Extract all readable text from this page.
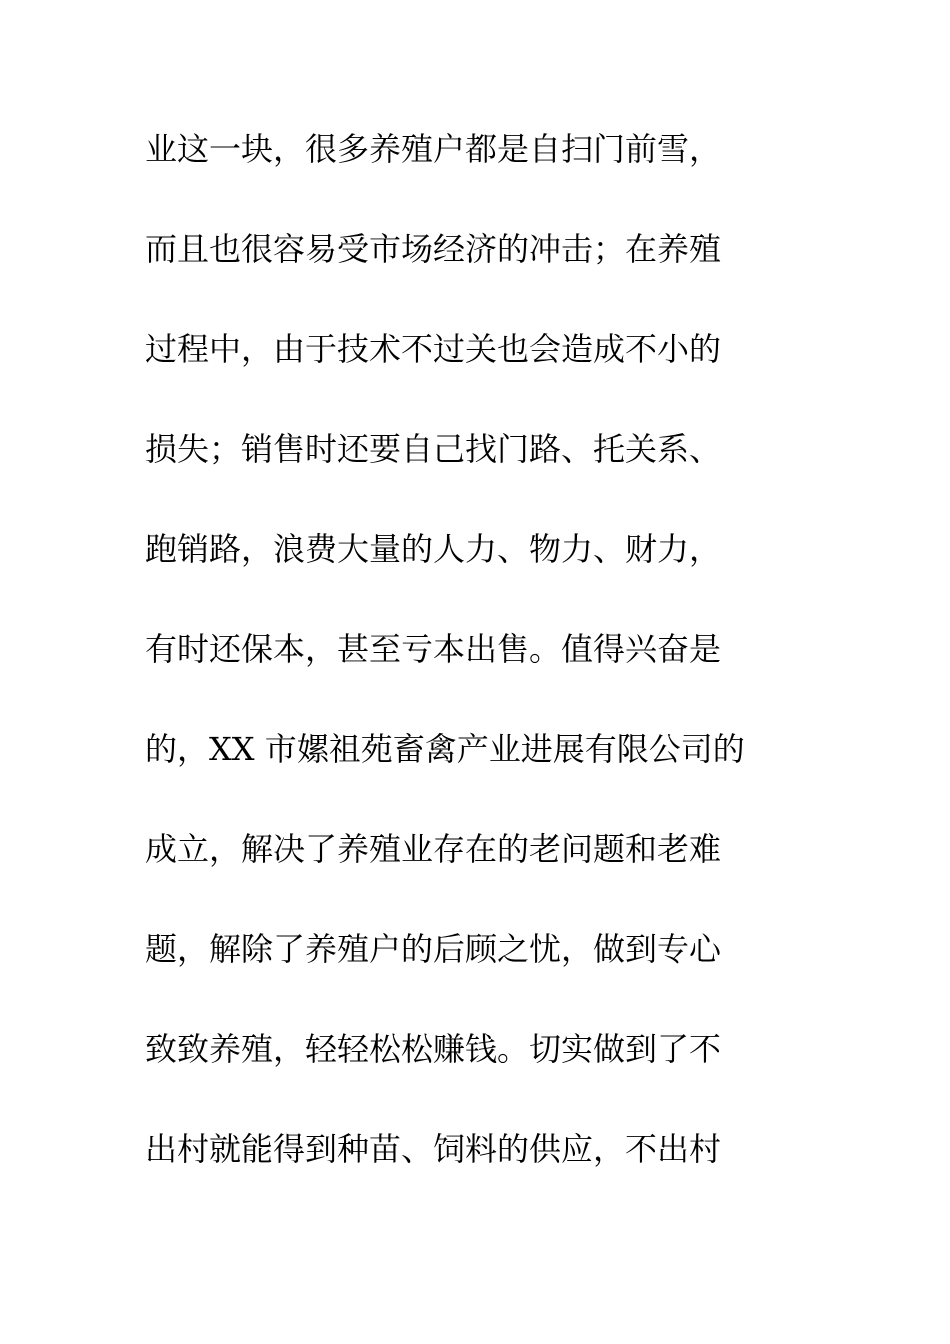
业这一块，很多养殖户都是自扫门前雪，
而且也很容易受市场经济的冲击；在养殖
过程中，由于技术不过关也会造成不小的
损失；销售时还要自己找门路、托关系、
跑销路，浪费大量的人力、物力、财力，
有时还保本，甚至亏本出售。值得兴奋是
的，XX 市嫘祖苑畜禽产业进展有限公司的
成立，解决了养殖业存在的老问题和老难
题，解除了养殖户的后顾之忧，做到专心
致致养殖，轻轻松松赚钱。切实做到了不
出村就能得到种苗、饲料的供应，不出村
